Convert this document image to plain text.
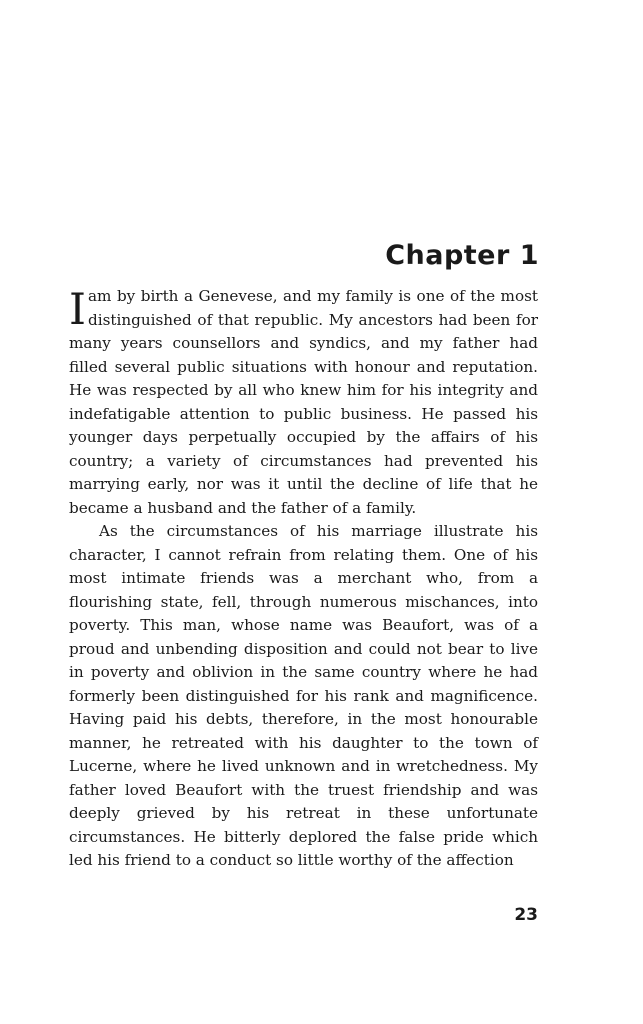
Chapter 1

Iam by birth a Genevese, and my family is one of the most distinguished of that republic. My ancestors had been for many years counsellors and syndics, and my father had filled several public situations with honour and reputation. He was respected by all who knew him for his integrity and indefatigable attention to public business. He passed his younger days perpetually occupied by the affairs of his country; a variety of circumstances had prevented his marrying early, nor was it until the decline of life that he became a husband and the father of a family.

As the circumstances of his marriage illustrate his character, I cannot refrain from relating them. One of his most intimate friends was a merchant who, from a flourishing state, fell, through numerous mischances, into poverty. This man, whose name was Beaufort, was of a proud and unbending disposition and could not bear to live in poverty and oblivion in the same country where he had formerly been distinguished for his rank and magnificence. Having paid his debts, therefore, in the most honourable manner, he retreated with his daughter to the town of Lucerne, where he lived unknown and in wretchedness. My father loved Beaufort with the truest friendship and was deeply grieved by his retreat in these unfortunate circumstances. He bitterly deplored the false pride which led his friend to a conduct so little worthy of the affection

23
